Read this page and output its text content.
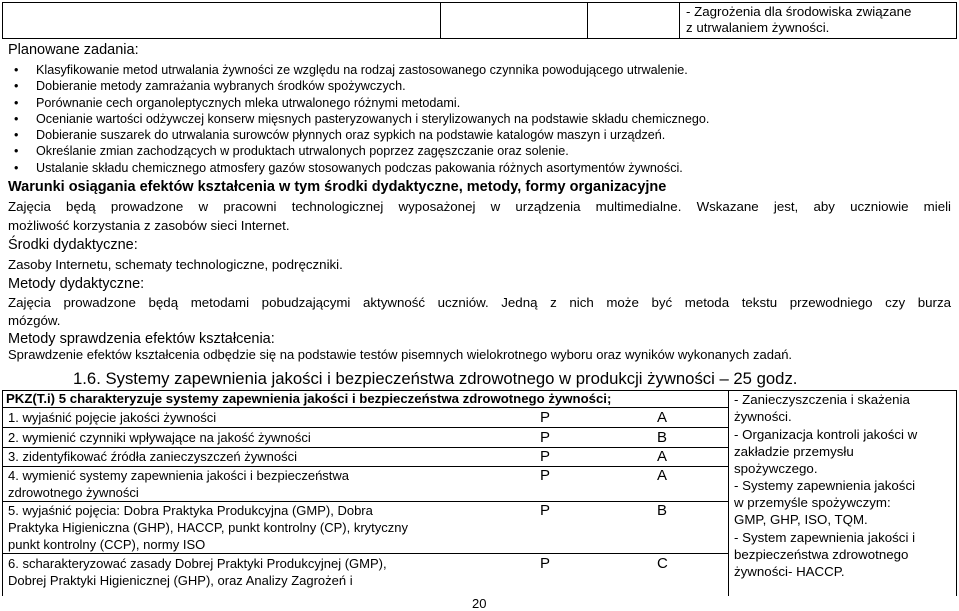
- Zagrożenia dla środowiska związane
z utrwalaniem żywności.
Planowane zadania:
• Klasyfikowanie metod utrwalania żywności ze względu na rodzaj zastosowanego czynnika powodującego utrwalenie.
• Dobieranie metody zamrażania wybranych środków spożywczych.
• Porównanie cech organoleptycznych mleka utrwalonego różnymi metodami.
• Ocenianie wartości odżywczej konserw mięsnych pasteryzowanych i sterylizowanych na podstawie składu chemicznego.
• Dobieranie suszarek do utrwalania surowców płynnych oraz sypkich na podstawie katalogów maszyn i urządzeń.
• Określanie zmian zachodzących w produktach utrwalonych poprzez zagęszczanie oraz solenie.
• Ustalanie składu chemicznego atmosfery gazów stosowanych podczas pakowania różnych asortymentów żywności.
Warunki osiągania efektów kształcenia w tym środki dydaktyczne, metody, formy organizacyjne
Zajęcia będą prowadzone w pracowni technologicznej wyposażonej w urządzenia multimedialne. Wskazane jest, aby uczniowie mieli
możliwość korzystania z zasobów sieci Internet.
Środki dydaktyczne:
Zasoby Internetu, schematy technologiczne, podręczniki.
Metody dydaktyczne:
Zajęcia prowadzone będą metodami pobudzającymi aktywność uczniów. Jedną z nich może być metoda tekstu przewodniego czy burza
mózgów.
Metody sprawdzenia efektów kształcenia:
Sprawdzenie efektów kształcenia odbędzie się na podstawie testów pisemnych wielokrotnego wyboru oraz wyników wykonanych zadań.
1.6. Systemy zapewnienia jakości i bezpieczeństwa zdrowotnego w produkcji żywności – 25 godz.
PKZ(T.i) 5 charakteryzuje systemy zapewnienia jakości i bezpieczeństwa zdrowotnego żywności;
1. wyjaśnić pojęcie jakości żywności	P	A
2. wymienić czynniki wpływające na jakość żywności	P	B
3. zidentyfikować źródła zanieczyszczeń żywności	P	A
4. wymienić systemy zapewnienia jakości i bezpieczeństwa
zdrowotnego żywności
P	A
5. wyjaśnić pojęcia: Dobra Praktyka Produkcyjna (GMP), Dobra
Praktyka Higieniczna (GHP), HACCP, punkt kontrolny (CP), krytyczny
punkt kontrolny (CCP), normy ISO
P	B
6. scharakteryzować zasady Dobrej Praktyki Produkcyjnej (GMP),
Dobrej Praktyki Higienicznej (GHP), oraz Analizy Zagrożeń i
P	C
- Zanieczyszczenia i skażenia
żywności.
- Organizacja kontroli jakości w
zakładzie przemysłu
spożywczego.
- Systemy zapewnienia jakości
w przemyśle spożywczym:
GMP, GHP, ISO, TQM.
- System zapewnienia jakości i
bezpieczeństwa zdrowotnego
żywności- HACCP.
20
